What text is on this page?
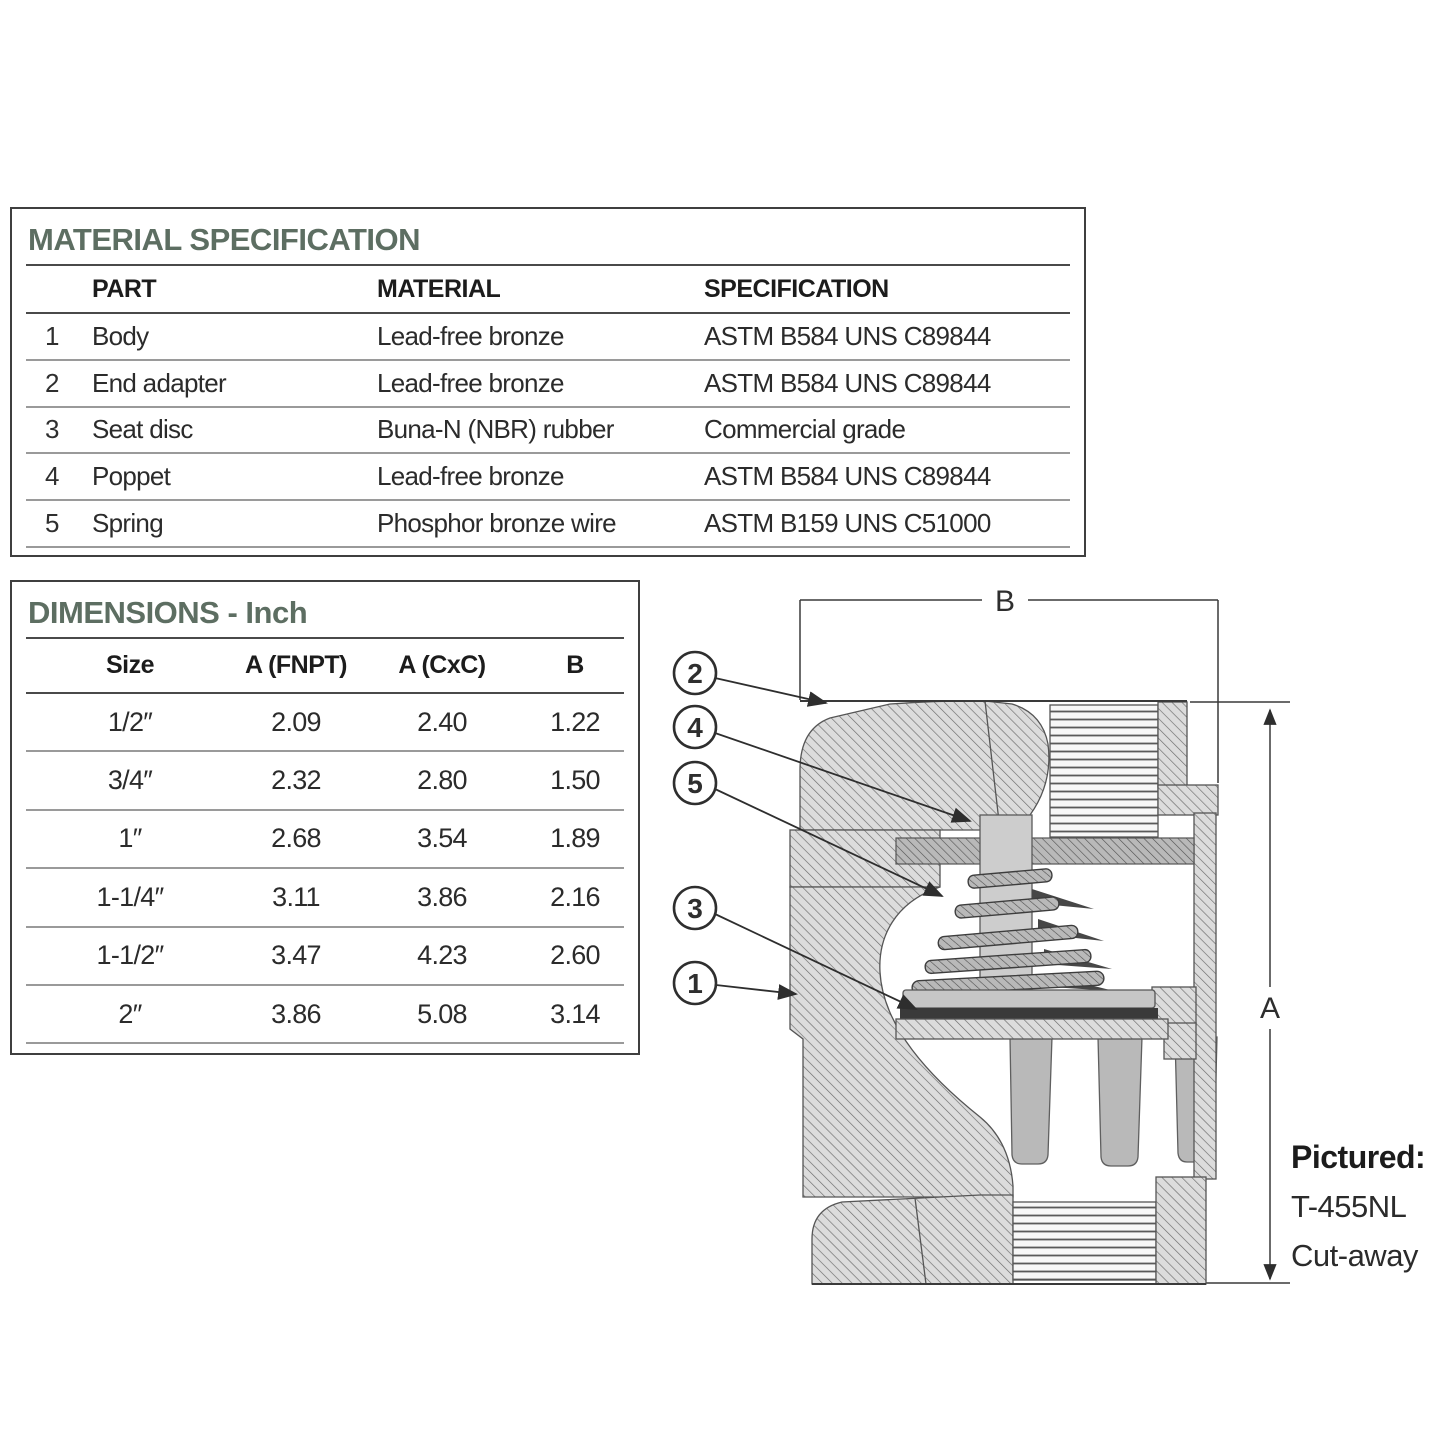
MATERIAL SPECIFICATION
PART	MATERIAL	SPECIFICATION
1	Body	Lead-free bronze	ASTM B584 UNS C89844
2	End adapter	Lead-free bronze	ASTM B584 UNS C89844
3	Seat disc	Buna-N (NBR) rubber	Commercial grade
4	Poppet	Lead-free bronze	ASTM B584 UNS C89844
5	Spring	Phosphor bronze wire	ASTM B159 UNS C51000
DIMENSIONS - Inch
Size	A (FNPT)	A (CxC)	B
1/2″	2.09	2.40	1.22
3/4″	2.32	2.80	1.50
1″	2.68	3.54	1.89
1-1/4″	3.11	3.86	2.16
1-1/2″	3.47	4.23	2.60
2″	3.86	5.08	3.14
B
A
2
4
5
3
1
Pictured:
T-455NL
Cut-away
